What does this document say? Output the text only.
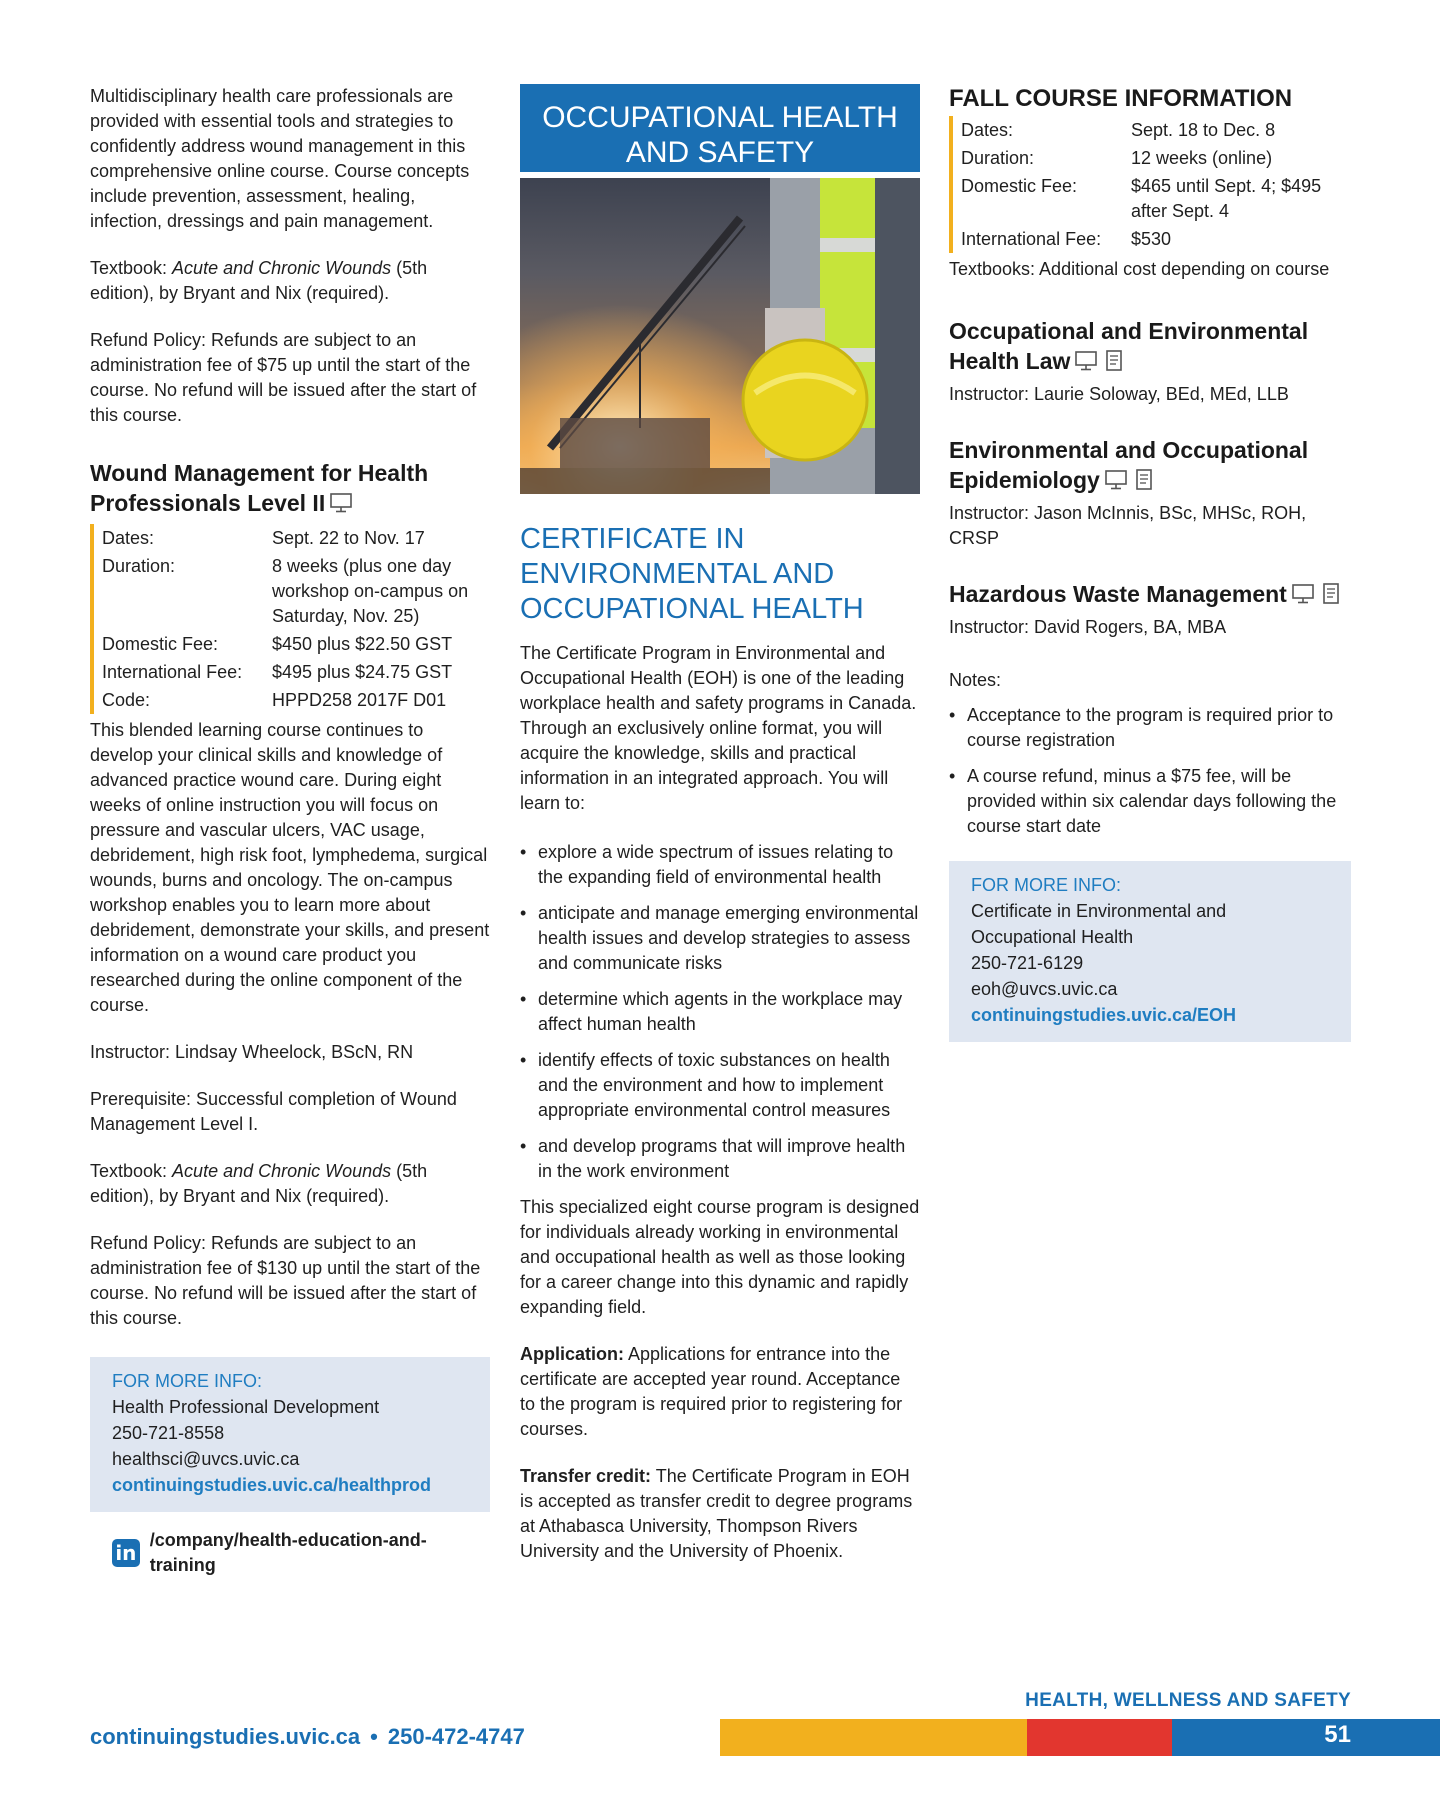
Multidisciplinary health care professionals are provided with essential tools and strategies to confidently address wound management in this comprehensive online course. Course concepts include prevention, assessment, healing, infection, dressings and pain management.

Textbook: Acute and Chronic Wounds (5th edition), by Bryant and Nix (required).

Refund Policy: Refunds are subject to an administration fee of $75 up until the start of the course. No refund will be issued after the start of this course.

Wound Management for Health Professionals Level II
Dates:	Sept. 22 to Nov. 17
Duration:	8 weeks (plus one day workshop on-campus on Saturday, Nov. 25)
Domestic Fee:	$450 plus $22.50 GST
International Fee:	$495 plus $24.75 GST
Code:	HPPD258 2017F D01

This blended learning course continues to develop your clinical skills and knowledge of advanced practice wound care. During eight weeks of online instruction you will focus on pressure and vascular ulcers, VAC usage, debridement, high risk foot, lymphedema, surgical wounds, burns and oncology. The on-campus workshop enables you to learn more about debridement, demonstrate your skills, and present information on a wound care product you researched during the online component of the course.

Instructor: Lindsay Wheelock, BScN, RN

Prerequisite: Successful completion of Wound Management Level I.

Textbook: Acute and Chronic Wounds (5th edition), by Bryant and Nix (required).

Refund Policy: Refunds are subject to an administration fee of $130 up until the start of the course. No refund will be issued after the start of this course.

FOR MORE INFO:
Health Professional Development
250-721-8558
healthsci@uvcs.uvic.ca
continuingstudies.uvic.ca/healthprod
in
/company/health-education-and-training
OCCUPATIONAL HEALTH AND SAFETY
CERTIFICATE IN ENVIRONMENTAL AND OCCUPATIONAL HEALTH

The Certificate Program in Environmental and Occupational Health (EOH) is one of the leading workplace health and safety programs in Canada. Through an exclusively online format, you will acquire the knowledge, skills and practical information in an integrated approach. You will learn to:

• explore a wide spectrum of issues relating to the expanding field of environmental health
• anticipate and manage emerging environmental health issues and develop strategies to assess and communicate risks
• determine which agents in the workplace may affect human health
• identify effects of toxic substances on health and the environment and how to implement appropriate environmental control measures
• and develop programs that will improve health in the work environment

This specialized eight course program is designed for individuals already working in environmental and occupational health as well as those looking for a career change into this dynamic and rapidly expanding field.

Application: Applications for entrance into the certificate are accepted year round. Acceptance to the program is required prior to registering for courses.

Transfer credit: The Certificate Program in EOH is accepted as transfer credit to degree programs at Athabasca University, Thompson Rivers University and the University of Phoenix.

FALL COURSE INFORMATION
Dates:	Sept. 18 to Dec. 8
Duration:	12 weeks (online)
Domestic Fee:	$465 until Sept. 4; $495 after Sept. 4
International Fee:	$530

Textbooks: Additional cost depending on course

Occupational and Environmental Health Law

Instructor: Laurie Soloway, BEd, MEd, LLB

Environmental and Occupational Epidemiology

Instructor: Jason McInnis, BSc, MHSc, ROH, CRSP

Hazardous Waste Management

Instructor: David Rogers, BA, MBA

Notes:

• Acceptance to the program is required prior to course registration
• A course refund, minus a $75 fee, will be provided within six calendar days following the course start date
FOR MORE INFO:
Certificate in Environmental and Occupational Health
250-721-6129
eoh@uvcs.uvic.ca
continuingstudies.uvic.ca/EOH
HEALTH, WELLNESS AND SAFETY
continuingstudies.uvic.ca • 250-472-4747	51
